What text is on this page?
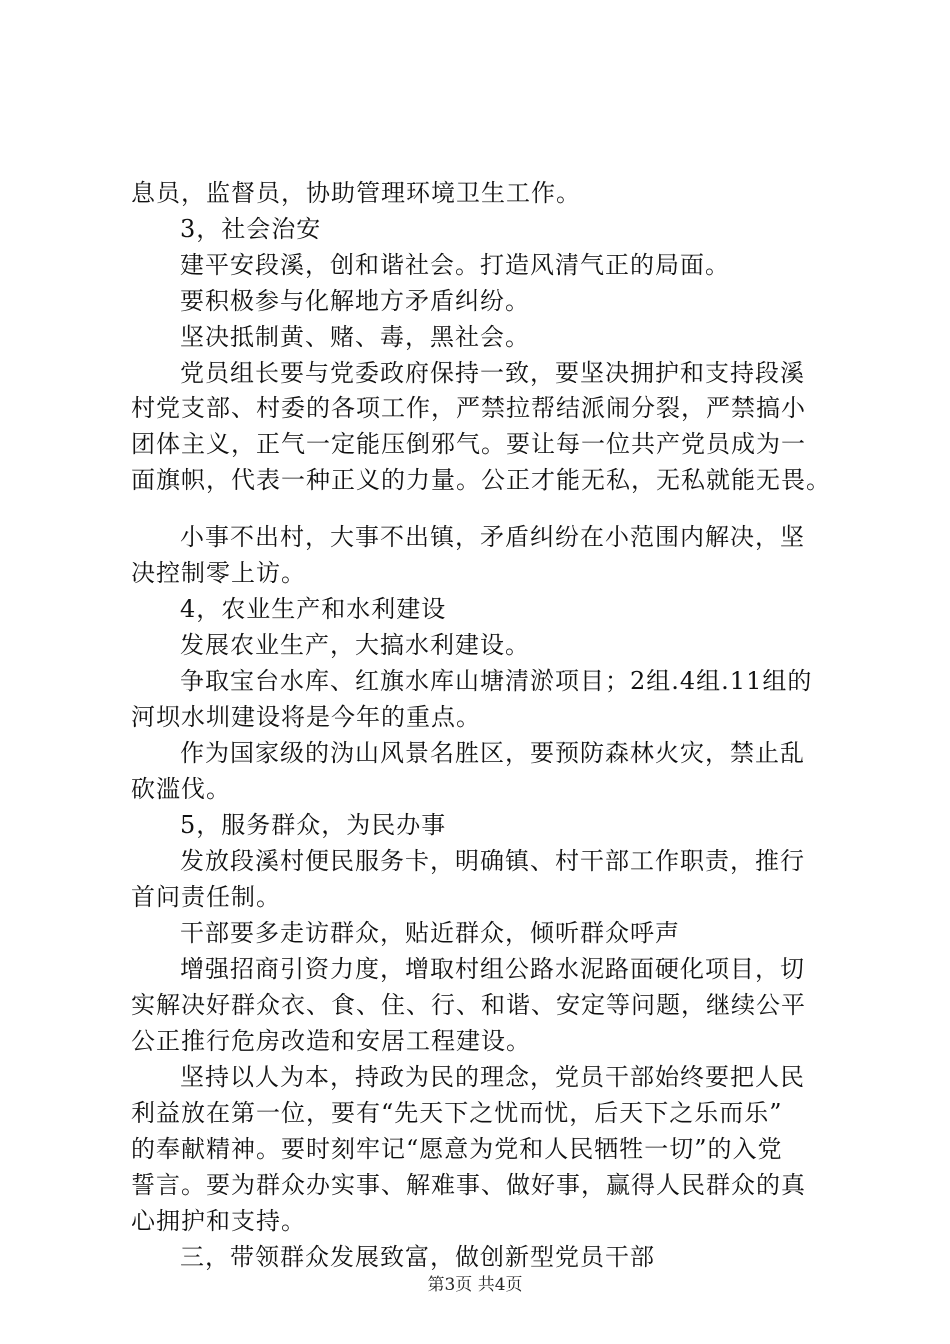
息员，监督员，协助管理环境卫生工作。
3，社会治安
建平安段溪，创和谐社会。打造风清气正的局面。
要积极参与化解地方矛盾纠纷。
坚决抵制黄、赌、毒，黑社会。
党员组长要与党委政府保持一致，要坚决拥护和支持段溪
村党支部、村委的各项工作，严禁拉帮结派闹分裂，严禁搞小
团体主义，正气一定能压倒邪气。要让每一位共产党员成为一
面旗帜，代表一种正义的力量。公正才能无私，无私就能无畏。
小事不出村，大事不出镇，矛盾纠纷在小范围内解决，坚
决控制零上访。
4，农业生产和水利建设
发展农业生产，大搞水利建设。
争取宝台水库、红旗水库山塘清淤项目；2组.4组.11组的
河坝水圳建设将是今年的重点。
作为国家级的沩山风景名胜区，要预防森林火灾，禁止乱
砍滥伐。
5，服务群众，为民办事
发放段溪村便民服务卡，明确镇、村干部工作职责，推行
首问责任制。
干部要多走访群众，贴近群众，倾听群众呼声
增强招商引资力度，增取村组公路水泥路面硬化项目，切
实解决好群众衣、食、住、行、和谐、安定等问题，继续公平
公正推行危房改造和安居工程建设。
坚持以人为本，持政为民的理念，党员干部始终要把人民
利益放在第一位，要有“先天下之忧而忧，后天下之乐而乐”
的奉献精神。要时刻牢记“愿意为党和人民牺牲一切”的入党
誓言。要为群众办实事、解难事、做好事，赢得人民群众的真
心拥护和支持。
三，带领群众发展致富，做创新型党员干部
第3页 共4页
